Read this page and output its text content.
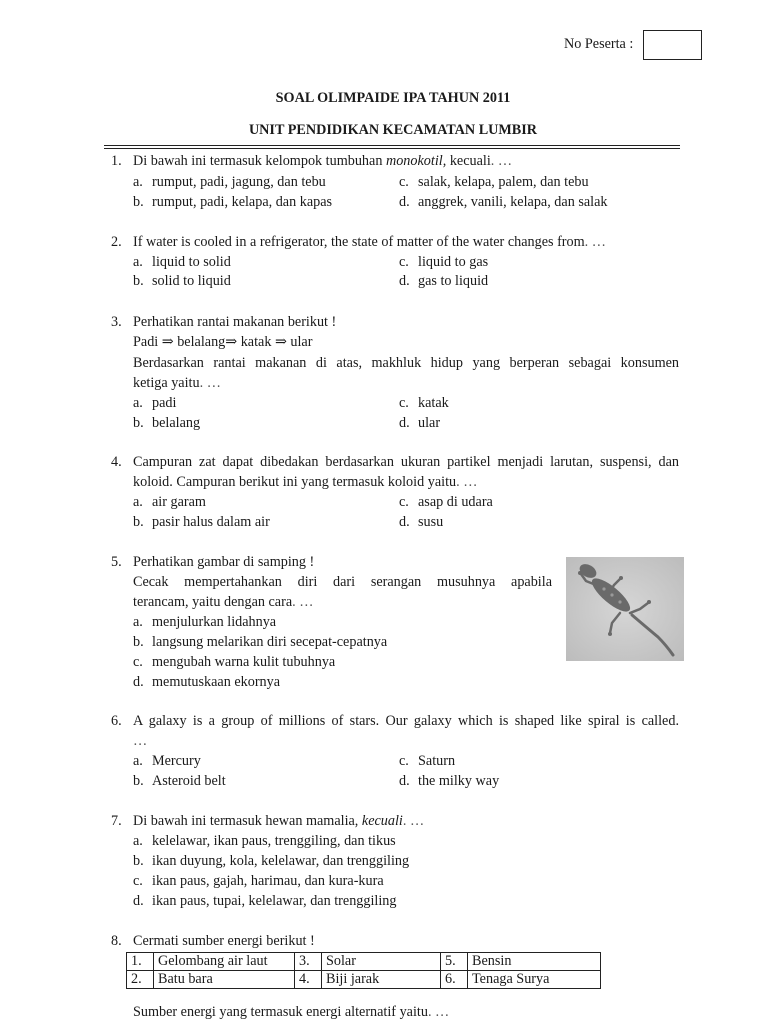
No Peserta :
SOAL OLIMPAIDE IPA TAHUN 2011
UNIT PENDIDIKAN KECAMATAN LUMBIR
1. Di bawah ini termasuk kelompok tumbuhan monokotil, kecuali. …
a. rumput, padi, jagung, dan tebu
b. rumput, padi, kelapa, dan kapas
c. salak, kelapa, palem, dan tebu
d. anggrek, vanili, kelapa, dan salak
2. If water is cooled in a refrigerator, the state of matter of the water changes from. …
a. liquid to solid
b. solid to liquid
c. liquid to gas
d. gas to liquid
3. Perhatikan rantai makanan berikut !
Padi ⇒ belalang⇒ katak ⇒ ular
Berdasarkan rantai makanan di atas, makhluk hidup yang berperan sebagai konsumen
ketiga yaitu. …
a. padi
b. belalang
c. katak
d. ular
4. Campuran zat dapat dibedakan berdasarkan ukuran partikel menjadi larutan, suspensi, dan
koloid. Campuran berikut ini yang termasuk koloid yaitu. …
a. air garam
b. pasir halus dalam air
c. asap di udara
d. susu
5. Perhatikan gambar di samping !
Cecak mempertahankan diri dari serangan musuhnya apabila
terancam, yaitu dengan cara. …
a. menjulurkan lidahnya
b. langsung melarikan diri secepat-cepatnya
c. mengubah warna kulit tubuhnya
d. memutuskaan ekornya
6. A galaxy is a group of millions of stars. Our galaxy which is shaped like spiral is called.
…
a. Mercury
b. Asteroid belt
c. Saturn
d. the milky way
7. Di bawah ini termasuk hewan mamalia, kecuali. …
a. kelelawar, ikan paus, trenggiling, dan tikus
b. ikan duyung, kola, kelelawar, dan trenggiling
c. ikan paus, gajah, harimau, dan kura-kura
d. ikan paus, tupai, kelelawar, dan trenggiling
8. Cermati sumber energi berikut !
1.	Gelombang air laut	3.	Solar	5.	Bensin
2.	Batu bara	4.	Biji jarak	6.	Tenaga Surya
Sumber energi yang termasuk energi alternatif yaitu. …
